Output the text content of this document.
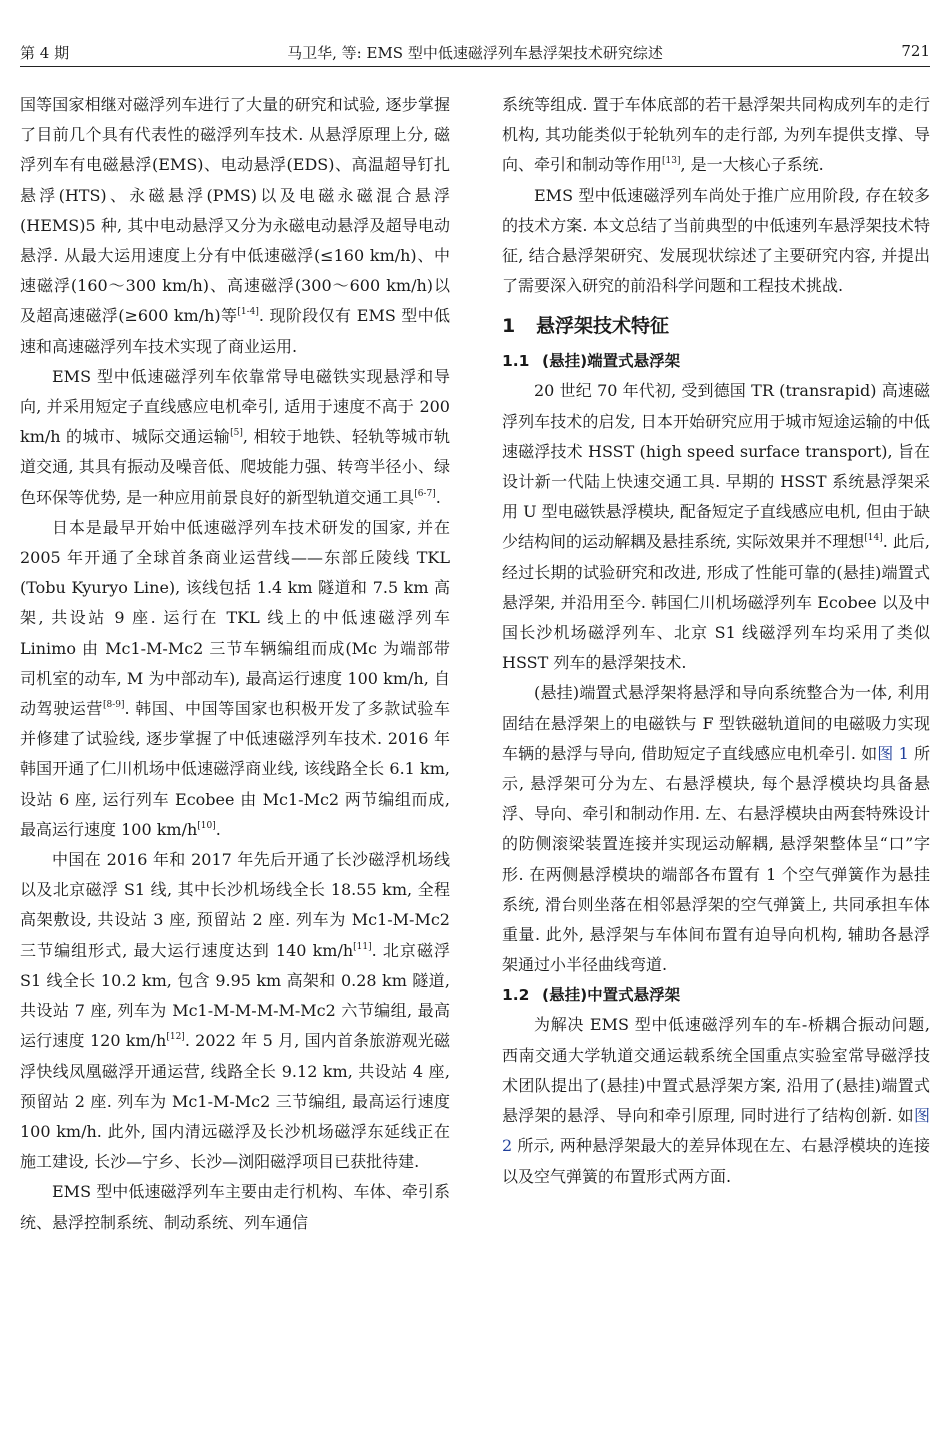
第 4 期	马卫华, 等: EMS 型中低速磁浮列车悬浮架技术研究综述	721

国等国家相继对磁浮列车进行了大量的研究和试验, 逐步掌握了目前几个具有代表性的磁浮列车技术. 从悬浮原理上分, 磁浮列车有电磁悬浮(EMS)、电动悬浮(EDS)、高温超导钉扎悬浮(HTS)、永磁悬浮(PMS)以及电磁永磁混合悬浮(HEMS)5 种, 其中电动悬浮又分为永磁电动悬浮及超导电动悬浮. 从最大运用速度上分有中低速磁浮(≤160 km/h)、中速磁浮(160～300 km/h)、高速磁浮(300～600 km/h)以及超高速磁浮(≥600 km/h)等[1-4]. 现阶段仅有 EMS 型中低速和高速磁浮列车技术实现了商业运用.

EMS 型中低速磁浮列车依靠常导电磁铁实现悬浮和导向, 并采用短定子直线感应电机牵引, 适用于速度不高于 200 km/h 的城市、城际交通运输[5], 相较于地铁、轻轨等城市轨道交通, 其具有振动及噪音低、爬坡能力强、转弯半径小、绿色环保等优势, 是一种应用前景良好的新型轨道交通工具[6-7].

日本是最早开始中低速磁浮列车技术研发的国家, 并在 2005 年开通了全球首条商业运营线——东部丘陵线 TKL (Tobu Kyuryo Line), 该线包括 1.4 km 隧道和 7.5 km 高架, 共设站 9 座. 运行在 TKL 线上的中低速磁浮列车 Linimo 由 Mc1-M-Mc2 三节车辆编组而成(Mc 为端部带司机室的动车, M 为中部动车), 最高运行速度 100 km/h, 自动驾驶运营[8-9]. 韩国、中国等国家也积极开发了多款试验车并修建了试验线, 逐步掌握了中低速磁浮列车技术. 2016 年韩国开通了仁川机场中低速磁浮商业线, 该线路全长 6.1 km, 设站 6 座, 运行列车 Ecobee 由 Mc1-Mc2 两节编组而成, 最高运行速度 100 km/h[10].

中国在 2016 年和 2017 年先后开通了长沙磁浮机场线以及北京磁浮 S1 线, 其中长沙机场线全长 18.55 km, 全程高架敷设, 共设站 3 座, 预留站 2 座. 列车为 Mc1-M-Mc2 三节编组形式, 最大运行速度达到 140 km/h[11]. 北京磁浮 S1 线全长 10.2 km, 包含 9.95 km 高架和 0.28 km 隧道, 共设站 7 座, 列车为 Mc1-M-M-M-M-Mc2 六节编组, 最高运行速度 120 km/h[12]. 2022 年 5 月, 国内首条旅游观光磁浮快线凤凰磁浮开通运营, 线路全长 9.12 km, 共设站 4 座, 预留站 2 座. 列车为 Mc1-M-Mc2 三节编组, 最高运行速度 100 km/h. 此外, 国内清远磁浮及长沙机场磁浮东延线正在施工建设, 长沙—宁乡、长沙—浏阳磁浮项目已获批待建.

EMS 型中低速磁浮列车主要由走行机构、车体、牵引系统、悬浮控制系统、制动系统、列车通信

系统等组成. 置于车体底部的若干悬浮架共同构成列车的走行机构, 其功能类似于轮轨列车的走行部, 为列车提供支撑、导向、牵引和制动等作用[13], 是一大核心子系统.

EMS 型中低速磁浮列车尚处于推广应用阶段, 存在较多的技术方案. 本文总结了当前典型的中低速列车悬浮架技术特征, 结合悬浮架研究、发展现状综述了主要研究内容, 并提出了需要深入研究的前沿科学问题和工程技术挑战.

1 悬浮架技术特征
1.1 (悬挂)端置式悬浮架

20 世纪 70 年代初, 受到德国 TR (transrapid) 高速磁浮列车技术的启发, 日本开始研究应用于城市短途运输的中低速磁浮技术 HSST (high speed surface transport), 旨在设计新一代陆上快速交通工具. 早期的 HSST 系统悬浮架采用 U 型电磁铁悬浮模块, 配备短定子直线感应电机, 但由于缺少结构间的运动解耦及悬挂系统, 实际效果并不理想[14]. 此后, 经过长期的试验研究和改进, 形成了性能可靠的(悬挂)端置式悬浮架, 并沿用至今. 韩国仁川机场磁浮列车 Ecobee 以及中国长沙机场磁浮列车、北京 S1 线磁浮列车均采用了类似 HSST 列车的悬浮架技术.

(悬挂)端置式悬浮架将悬浮和导向系统整合为一体, 利用固结在悬浮架上的电磁铁与 F 型铁磁轨道间的电磁吸力实现车辆的悬浮与导向, 借助短定子直线感应电机牵引. 如图 1 所示, 悬浮架可分为左、右悬浮模块, 每个悬浮模块均具备悬浮、导向、牵引和制动作用. 左、右悬浮模块由两套特殊设计的防侧滚梁装置连接并实现运动解耦, 悬浮架整体呈“口”字形. 在两侧悬浮模块的端部各布置有 1 个空气弹簧作为悬挂系统, 滑台则坐落在相邻悬浮架的空气弹簧上, 共同承担车体重量. 此外, 悬浮架与车体间布置有迫导向机构, 辅助各悬浮架通过小半径曲线弯道.

1.2 (悬挂)中置式悬浮架

为解决 EMS 型中低速磁浮列车的车-桥耦合振动问题, 西南交通大学轨道交通运载系统全国重点实验室常导磁浮技术团队提出了(悬挂)中置式悬浮架方案, 沿用了(悬挂)端置式悬浮架的悬浮、导向和牵引原理, 同时进行了结构创新. 如图 2 所示, 两种悬浮架最大的差异体现在左、右悬浮模块的连接以及空气弹簧的布置形式两方面.
